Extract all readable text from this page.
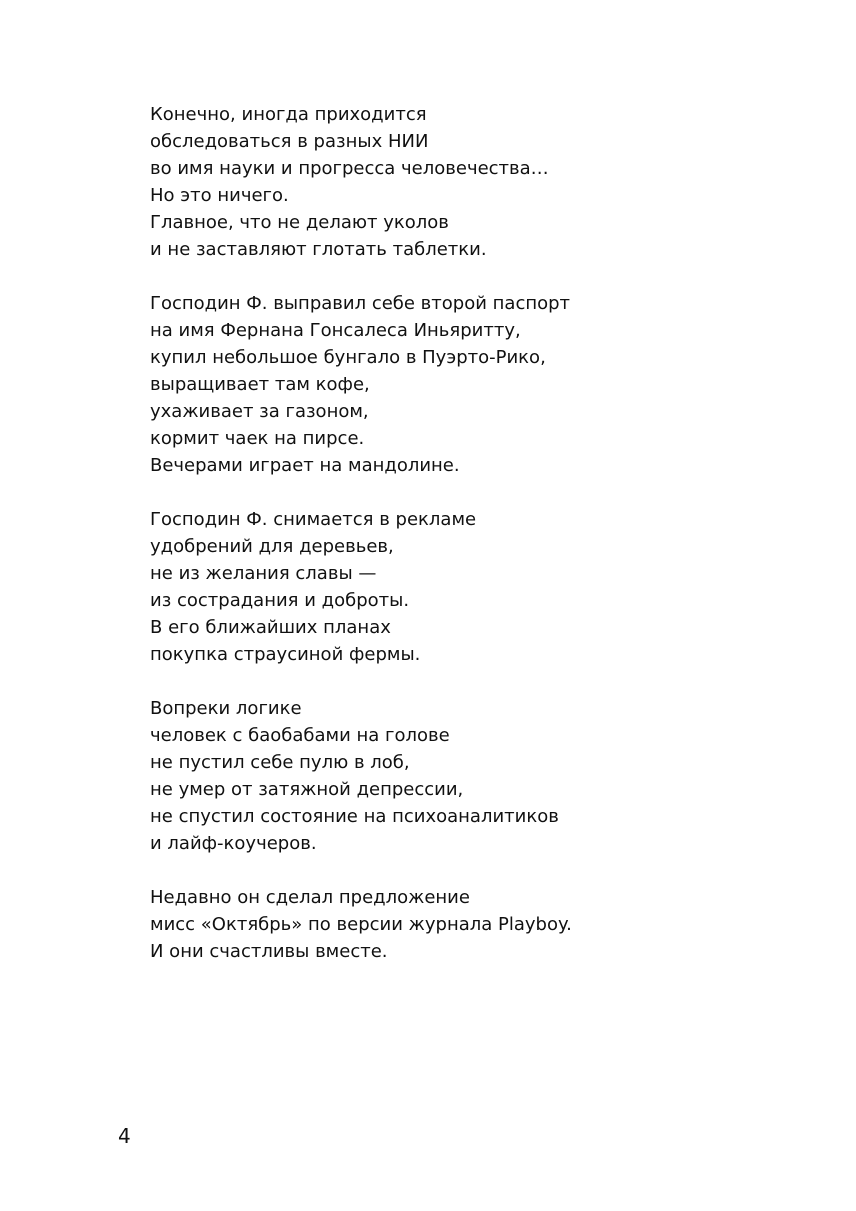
Конечно, иногда приходится
обследоваться в разных НИИ
во имя науки и прогресса человечества…
Но это ничего.
Главное, что не делают уколов
и не заставляют глотать таблетки.
Господин Ф. выправил себе второй паспорт
на имя Фернана Гонсалеса Иньяритту,
купил небольшое бунгало в Пуэрто-Рико,
выращивает там кофе,
ухаживает за газоном,
кормит чаек на пирсе.
Вечерами играет на мандолине.
Господин Ф. снимается в рекламе
удобрений для деревьев,
не из желания славы —
из сострадания и доброты.
В его ближайших планах
покупка страусиной фермы.
Вопреки логике
человек с баобабами на голове
не пустил себе пулю в лоб,
не умер от затяжной депрессии,
не спустил состояние на психоаналитиков
и лайф-коучеров.
Недавно он сделал предложение
мисс «Октябрь» по версии журнала Playboy.
И они счастливы вместе.
4
